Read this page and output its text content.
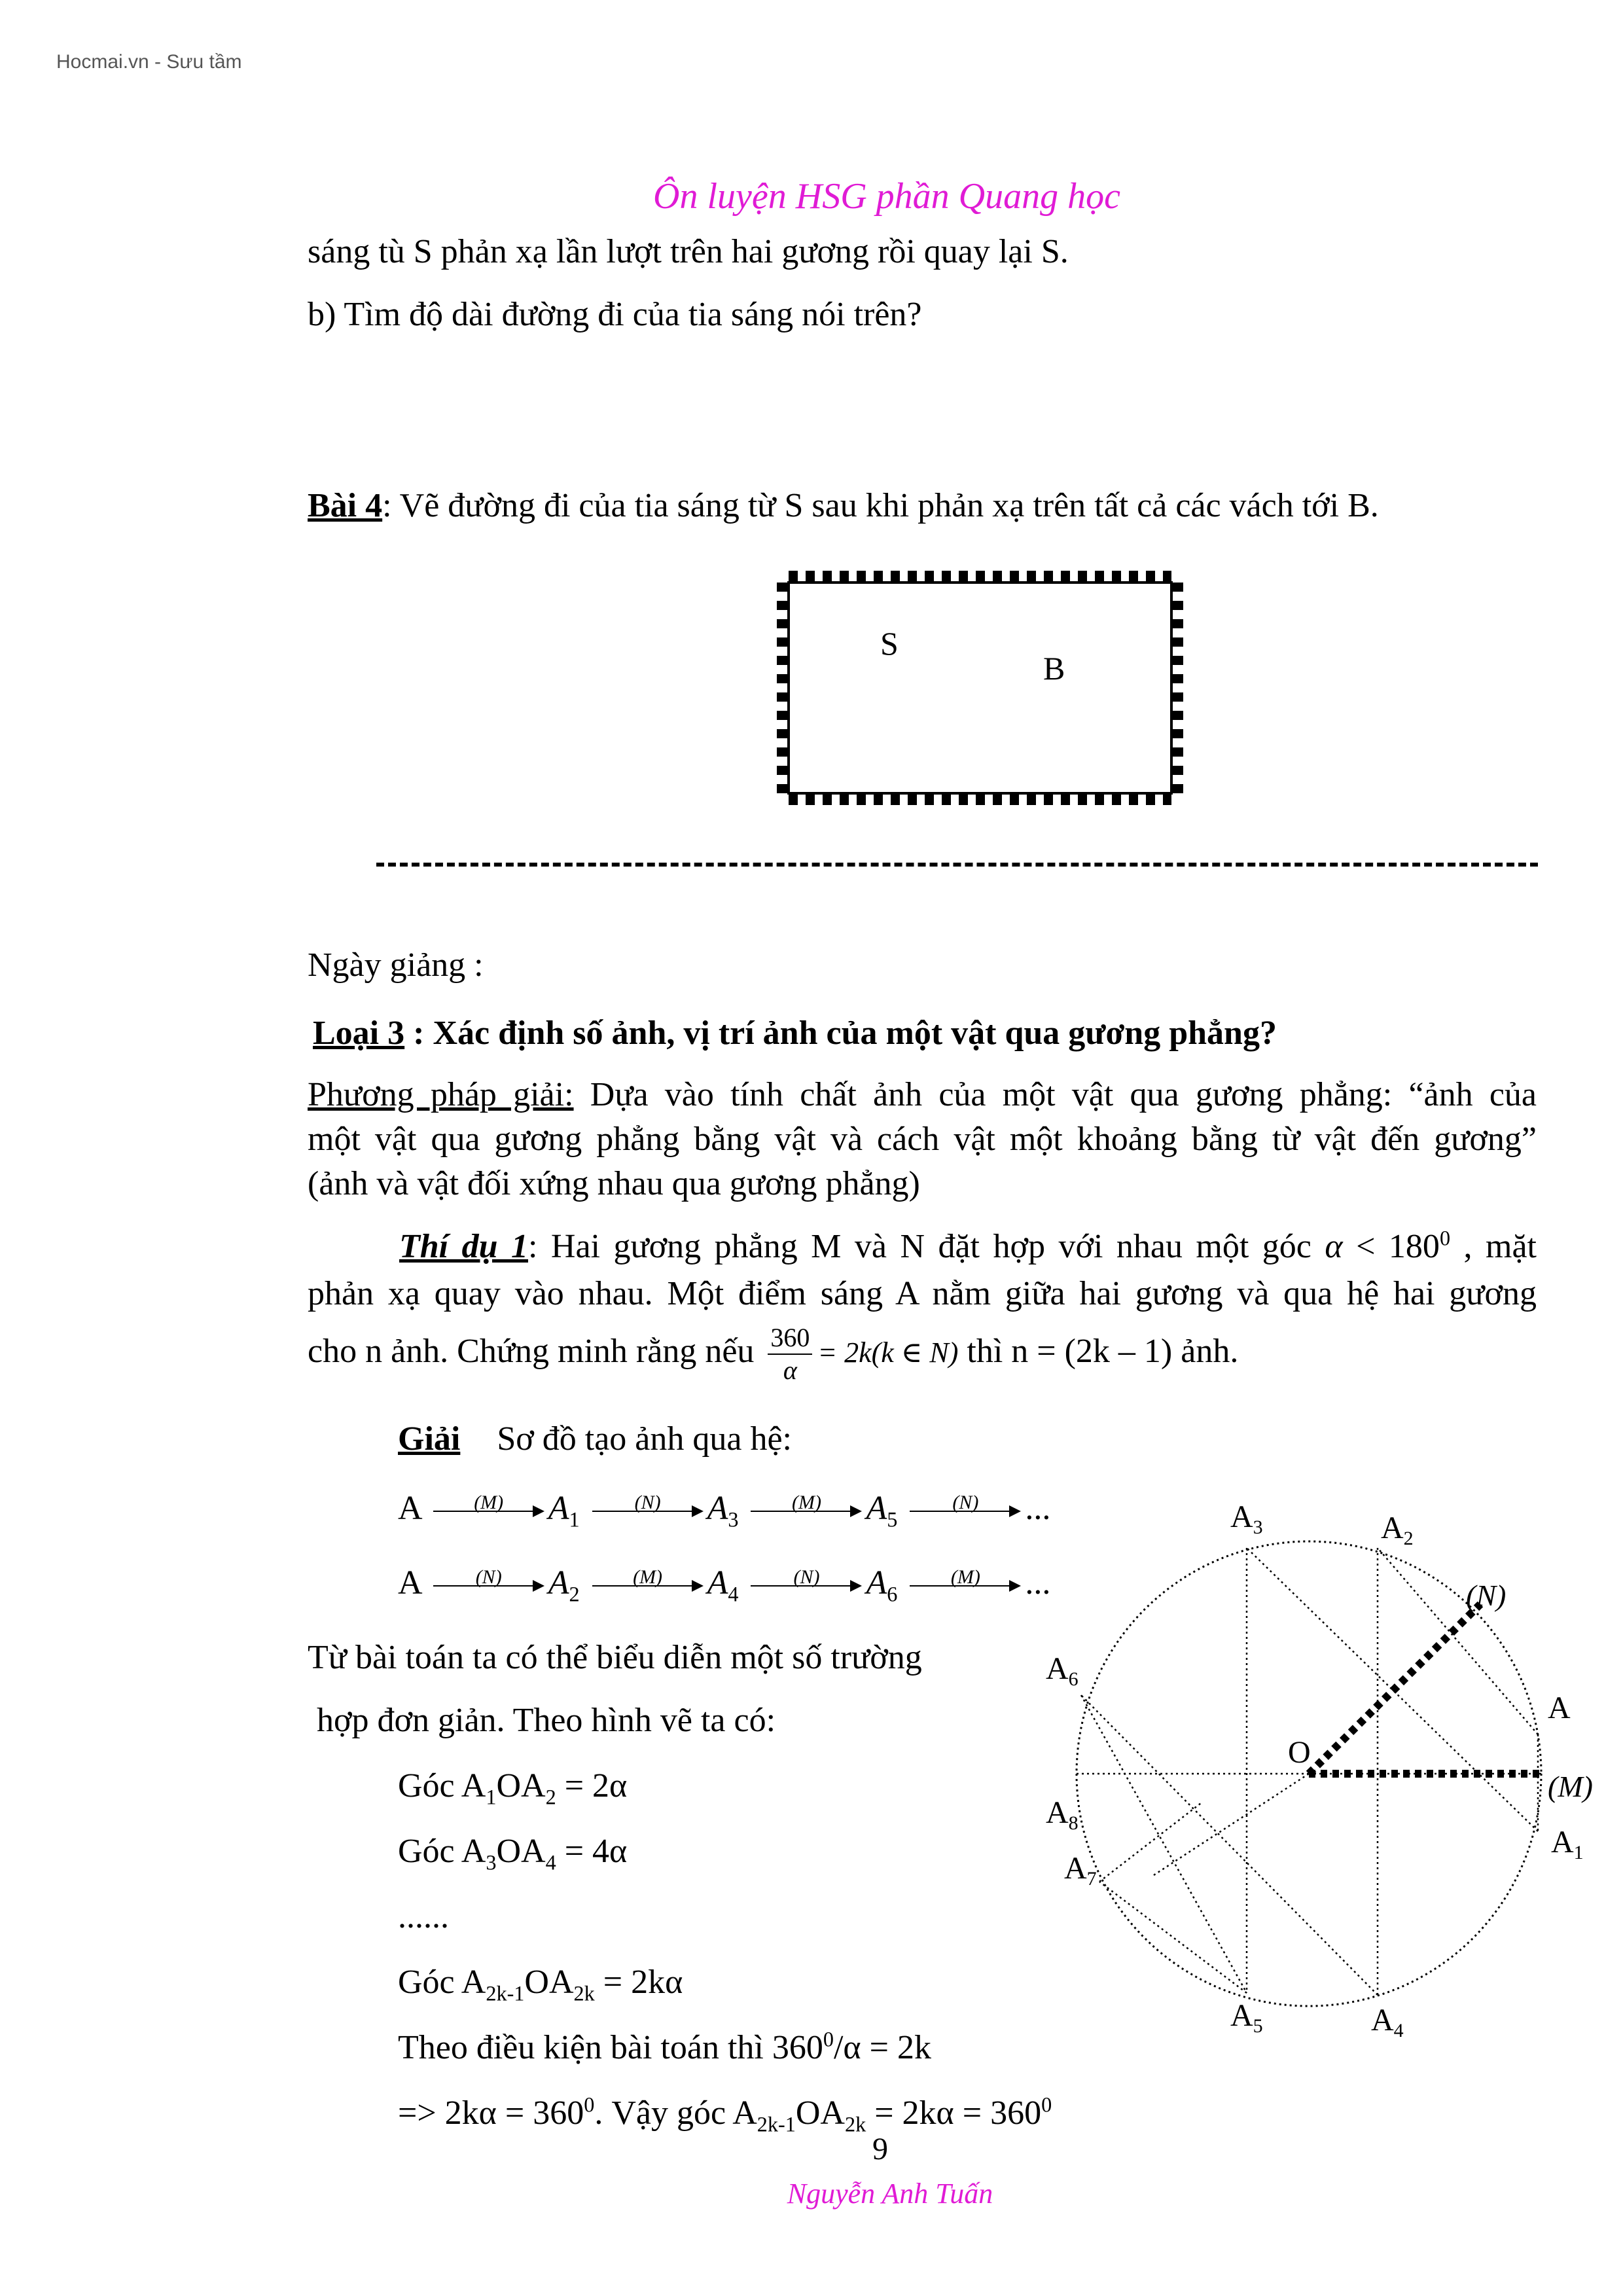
Hocmai.vn - Sưu tầm
Ôn luyện HSG phần Quang học
sáng tù S phản xạ lần lượt trên hai gương rồi quay lại S.
b) Tìm độ dài đường đi của tia sáng nói trên?
Bài 4: Vẽ đường đi của tia sáng từ S sau khi phản xạ trên tất cả các vách tới B.
S
B
Ngày giảng :
Loại 3 : Xác định số ảnh, vị trí ảnh của một vật qua gương phẳng?
Phương pháp giải: Dựa vào tính chất ảnh của một vật qua gương phẳng: “ảnh của
một vật qua gương phẳng bằng vật và cách vật một khoảng bằng từ vật đến gương”
(ảnh và vật đối xứng nhau qua gương phẳng)
Thí dụ 1: Hai gương phẳng M và N đặt hợp với nhau một góc $\alpha < 180^0$ , mặt
phản xạ quay vào nhau. Một điểm sáng A nằm giữa hai gương và qua hệ hai gương
cho n ảnh. Chứng minh rằng nếu $\frac{360}{\alpha} = 2k(k$ ∈ N) thì n = (2k – 1) ảnh.
Giải Sơ đồ tạo ảnh qua hệ:
A	(M)	$A_1$
(N)	$A_3$
(M)	$A_5$
(N)	...
A	(N)	$A_2$
(M)	$A_4$
(N)	$A_6$
(M)	...
Từ bài toán ta có thể biểu diễn một số trường
hợp đơn giản. Theo hình vẽ ta có:
Góc $A_1OA_2 = 2\alpha$
Góc $A_3OA_4 = 4\alpha$
......
Góc $A_{2k-1}OA_{2k} = 2k\alpha$
Theo điều kiện bài toán thì $360^0/\alpha = 2k$
=> $2k\alpha = 360^0$. Vậy góc $A_{2k-1}OA_{2k} = 2k\alpha = 360^0$
O
A
(M)
(N)
$A_1$
$A_2$
$A_3$
$A_4$
$A_5$
$A_6$
$A_7$
$A_8$
9
Nguyễn Anh Tuấn
